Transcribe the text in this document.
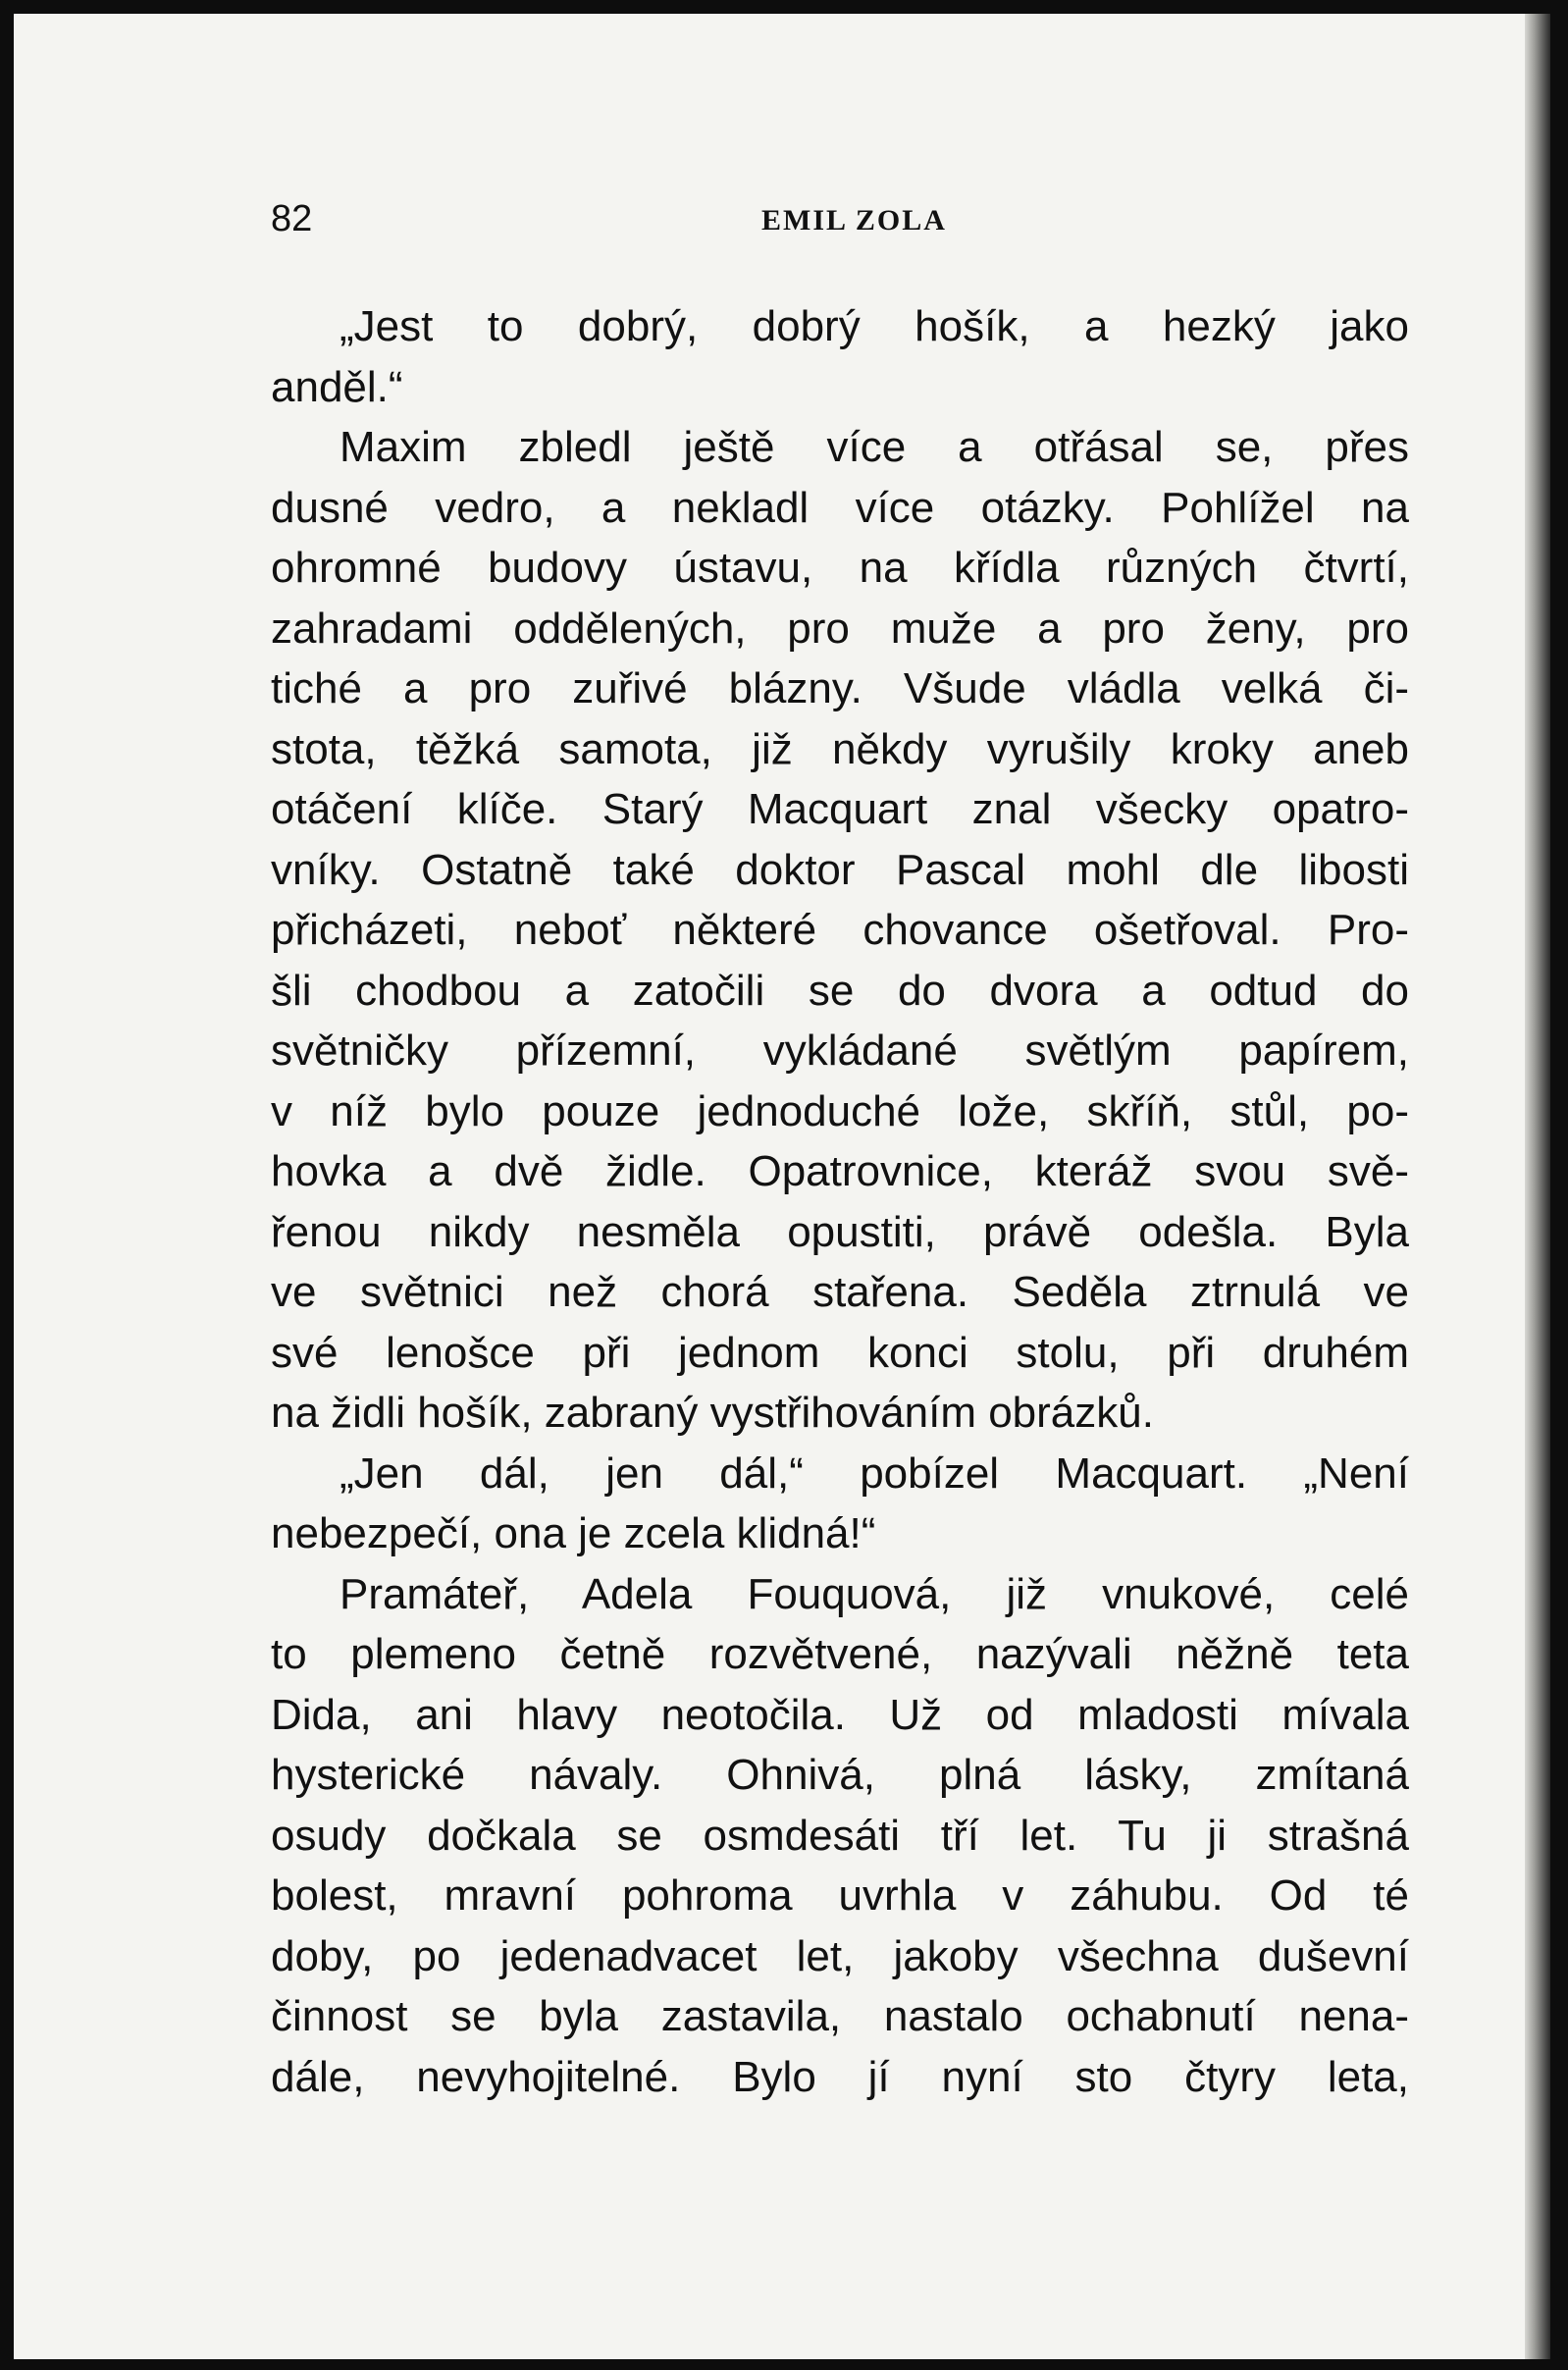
82	EMIL ZOLA
„Jest to dobrý, dobrý hošík, a hezký jako
anděl.“
Maxim zbledl ještě více a otřásal se, přes
dusné vedro, a nekladl více otázky. Pohlížel na
ohromné budovy ústavu, na křídla různých čtvrtí,
zahradami oddělených, pro muže a pro ženy, pro
tiché a pro zuřivé blázny. Všude vládla velká či-
stota, těžká samota, již někdy vyrušily kroky aneb
otáčení klíče. Starý Macquart znal všecky opatro-
vníky. Ostatně také doktor Pascal mohl dle libosti
přicházeti, neboť některé chovance ošetřoval. Pro-
šli chodbou a zatočili se do dvora a odtud do
světničky přízemní, vykládané světlým papírem,
v níž bylo pouze jednoduché lože, skříň, stůl, po-
hovka a dvě židle. Opatrovnice, kteráž svou svě-
řenou nikdy nesměla opustiti, právě odešla. Byla
ve světnici než chorá stařena. Seděla ztrnulá ve
své lenošce při jednom konci stolu, při druhém
na židli hošík, zabraný vystřihováním obrázků.
„Jen dál, jen dál,“ pobízel Macquart. „Není
nebezpečí, ona je zcela klidná!“
Pramáteř, Adela Fouquová, již vnukové, celé
to plemeno četně rozvětvené, nazývali něžně teta
Dida, ani hlavy neotočila. Už od mladosti mívala
hysterické návaly. Ohnivá, plná lásky, zmítaná
osudy dočkala se osmdesáti tří let. Tu ji strašná
bolest, mravní pohroma uvrhla v záhubu. Od té
doby, po jedenadvacet let, jakoby všechna duševní
činnost se byla zastavila, nastalo ochabnutí nena-
dále, nevyhojitelné. Bylo jí nyní sto čtyry leta,
